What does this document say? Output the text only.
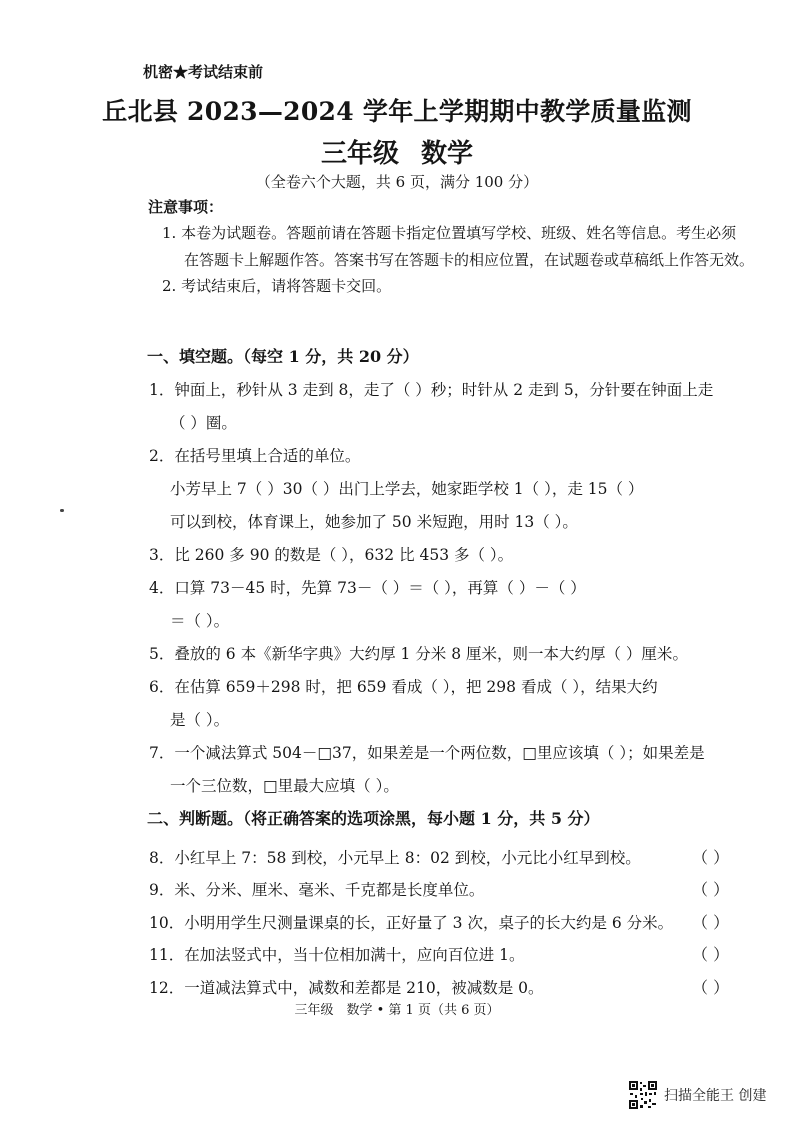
机密★考试结束前
丘北县 2023—2024 学年上学期期中教学质量监测
三年级 数学
（全卷六个大题，共 6 页，满分 100 分）
注意事项：
1. 本卷为试题卷。答题前请在答题卡指定位置填写学校、班级、姓名等信息。考生必须
在答题卡上解题作答。答案书写在答题卡的相应位置，在试题卷或草稿纸上作答无效。
2. 考试结束后，请将答题卡交回。
一、填空题。（每空 1 分，共 20 分）
1．钟面上，秒针从 3 走到 8，走了（ ）秒；时针从 2 走到 5，分针要在钟面上走
（ ）圈。
2．在括号里填上合适的单位。
小芳早上 7（ ）30（ ）出门上学去，她家距学校 1（ ），走 15（ ）
可以到校，体育课上，她参加了 50 米短跑，用时 13（ ）。
3．比 260 多 90 的数是（ ），632 比 453 多（ ）。
4．口算 73－45 时，先算 73－（ ）＝（ ），再算（ ）－（ ）
＝（ ）。
5．叠放的 6 本《新华字典》大约厚 1 分米 8 厘米，则一本大约厚（ ）厘米。
6．在估算 659＋298 时，把 659 看成（ ），把 298 看成（ ），结果大约
是（ ）。
7．一个减法算式 504－□37，如果差是一个两位数，□里应该填（ ）；如果差是
一个三位数，□里最大应填（ ）。
二、判断题。（将正确答案的选项涂黑，每小题 1 分，共 5 分）
8．小红早上 7：58 到校，小元早上 8：02 到校，小元比小红早到校。	（ ）
9．米、分米、厘米、毫米、千克都是长度单位。	（ ）
10．小明用学生尺测量课桌的长，正好量了 3 次，桌子的长大约是 6 分米。 （ ）
11．在加法竖式中，当十位相加满十，应向百位进 1。	（ ）
12．一道减法算式中，减数和差都是 210，被减数是 0。	（ ）
三年级　数学 • 第 1 页（共 6 页）
扫描全能王 创建
